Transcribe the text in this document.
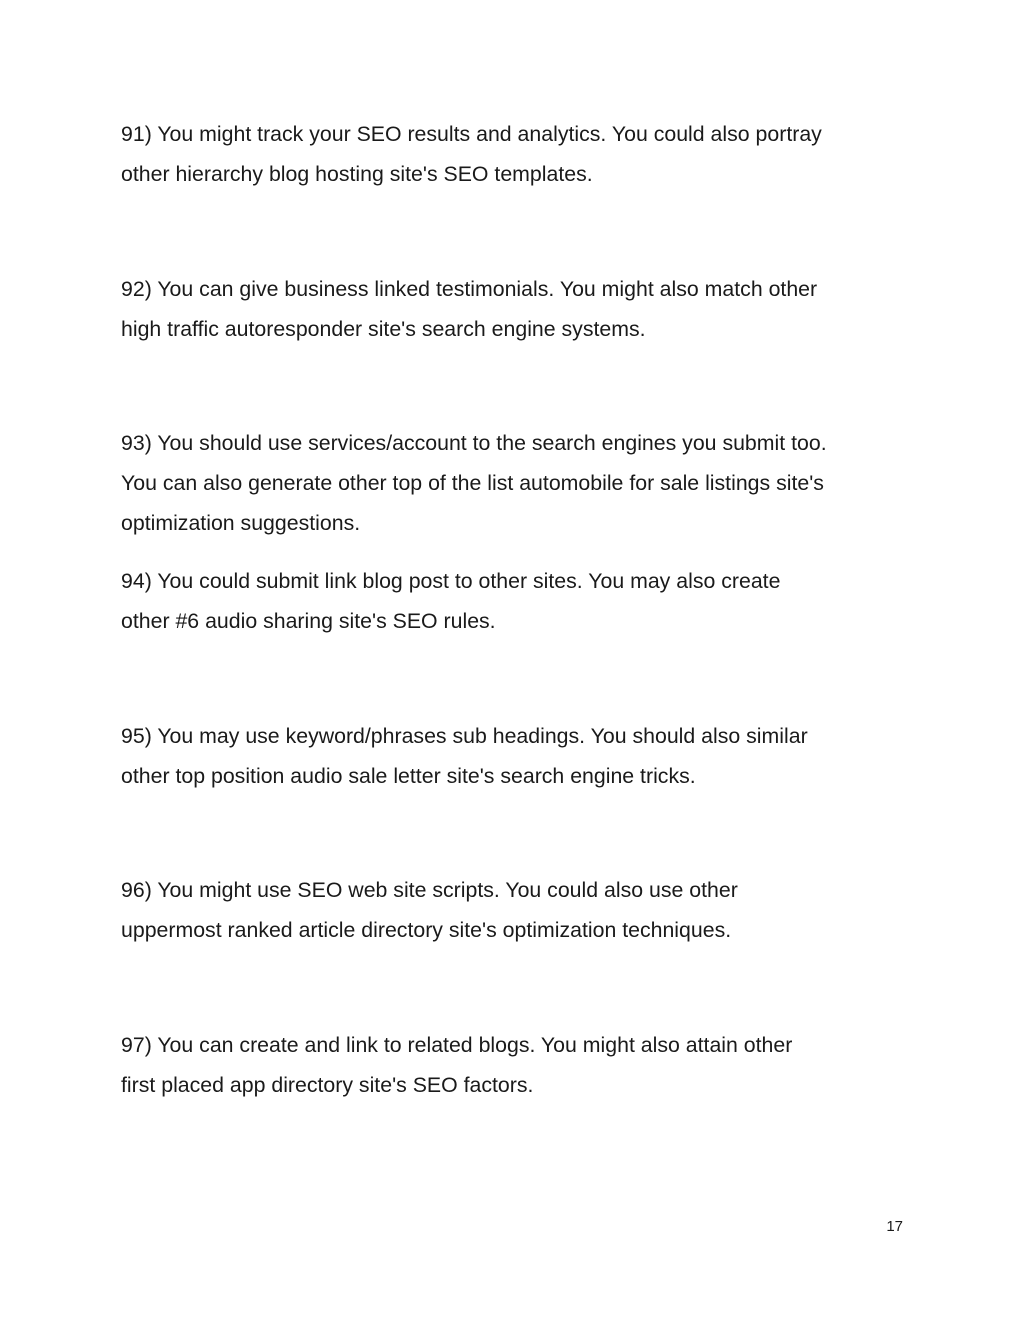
91) You might track your SEO results and analytics. You could also portray
other hierarchy blog hosting site's SEO templates.

92) You can give business linked testimonials. You might also match other
high traffic autoresponder site's search engine systems.

93) You should use services/account to the search engines you submit too.
You can also generate other top of the list automobile for sale listings site's
optimization suggestions.

94) You could submit link blog post to other sites. You may also create
other #6 audio sharing site's SEO rules.

95) You may use keyword/phrases sub headings. You should also similar
other top position audio sale letter site's search engine tricks.

96) You might use SEO web site scripts. You could also use other
uppermost ranked article directory site's optimization techniques.

97) You can create and link to related blogs. You might also attain other
first placed app directory site's SEO factors.

17
